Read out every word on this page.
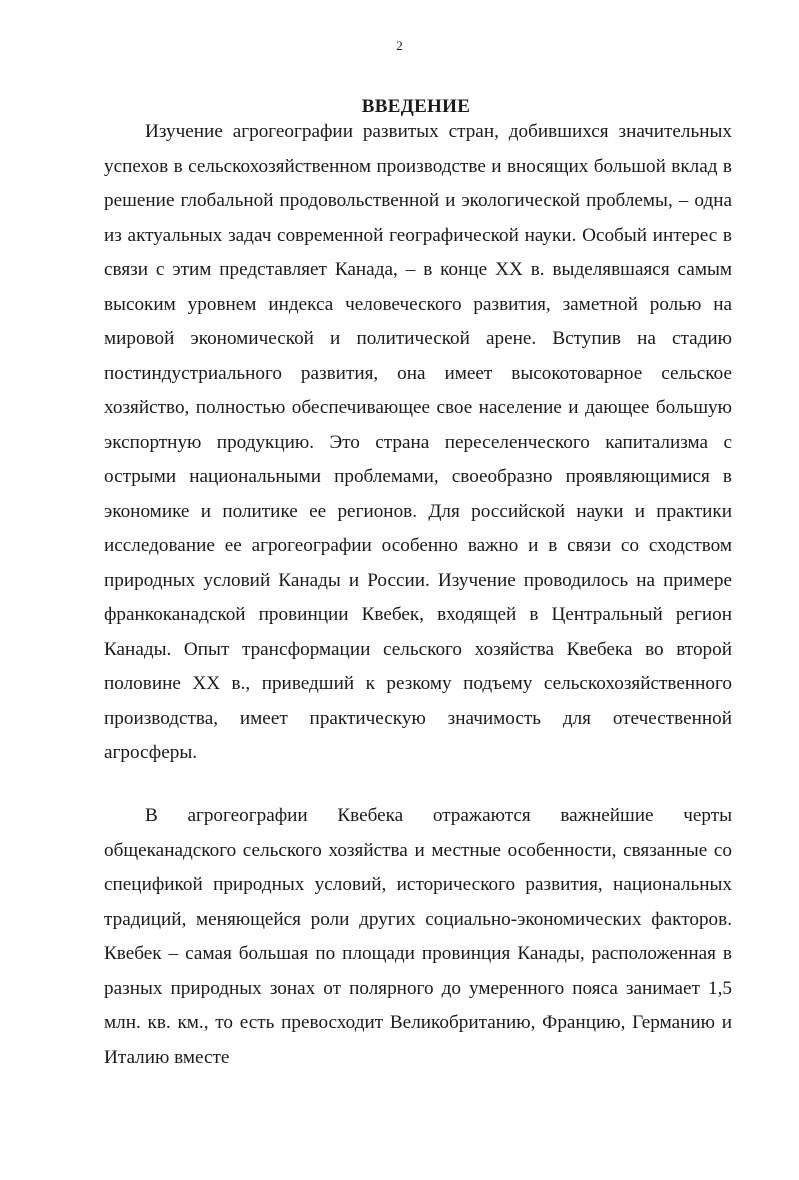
2
ВВЕДЕНИЕ

Изучение агрогеографии развитых стран, добившихся значительных успехов в сельскохозяйственном производстве и вносящих большой вклад в решение глобальной продовольственной и экологической проблемы, – одна из актуальных задач современной географической науки. Особый интерес в связи с этим представляет Канада, – в конце XX в. выделявшаяся самым высоким уровнем индекса человеческого развития, заметной ролью на мировой экономической и политической арене. Вступив на стадию постиндустриального развития, она имеет высокотоварное сельское хозяйство, полностью обеспечивающее свое население и дающее большую экспортную продукцию. Это страна переселенческого капитализма с острыми национальными проблемами, своеобразно проявляющимися в экономике и политике ее регионов. Для российской науки и практики исследование ее агрогеографии особенно важно и в связи со сходством природных условий Канады и России. Изучение проводилось на примере франкоканадской провинции Квебек, входящей в Центральный регион Канады. Опыт трансформации сельского хозяйства Квебека во второй половине XX в., приведший к резкому подъему сельскохозяйственного производства, имеет практическую значимость для отечественной агросферы.

В агрогеографии Квебека отражаются важнейшие черты общеканадского сельского хозяйства и местные особенности, связанные со спецификой природных условий, исторического развития, национальных традиций, меняющейся роли других социально-экономических факторов. Квебек – самая большая по площади провинция Канады, расположенная в разных природных зонах от полярного до умеренного пояса занимает 1,5 млн. кв. км., то есть превосходит Великобританию, Францию, Германию и Италию вместе
